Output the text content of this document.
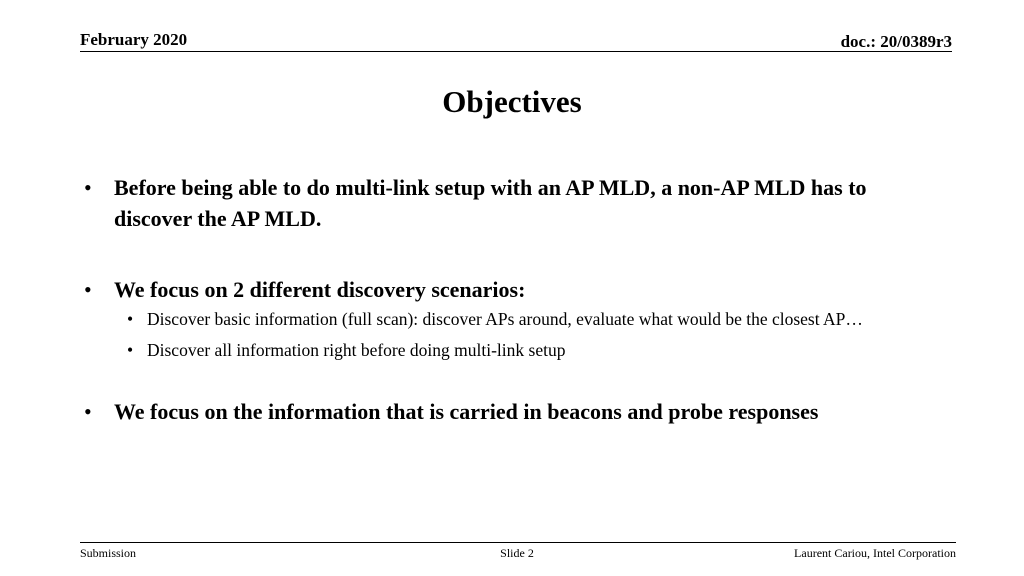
February 2020	doc.: 20/0389r3
Objectives
• Before being able to do multi-link setup with an AP MLD, a non-AP MLD has to discover the AP MLD.
• We focus on 2 different discovery scenarios:
• Discover basic information (full scan): discover APs around, evaluate what would be the closest AP…
• Discover all information right before doing multi-link setup
• We focus on the information that is carried in beacons and probe responses
Submission	Slide 2	Laurent Cariou, Intel Corporation
